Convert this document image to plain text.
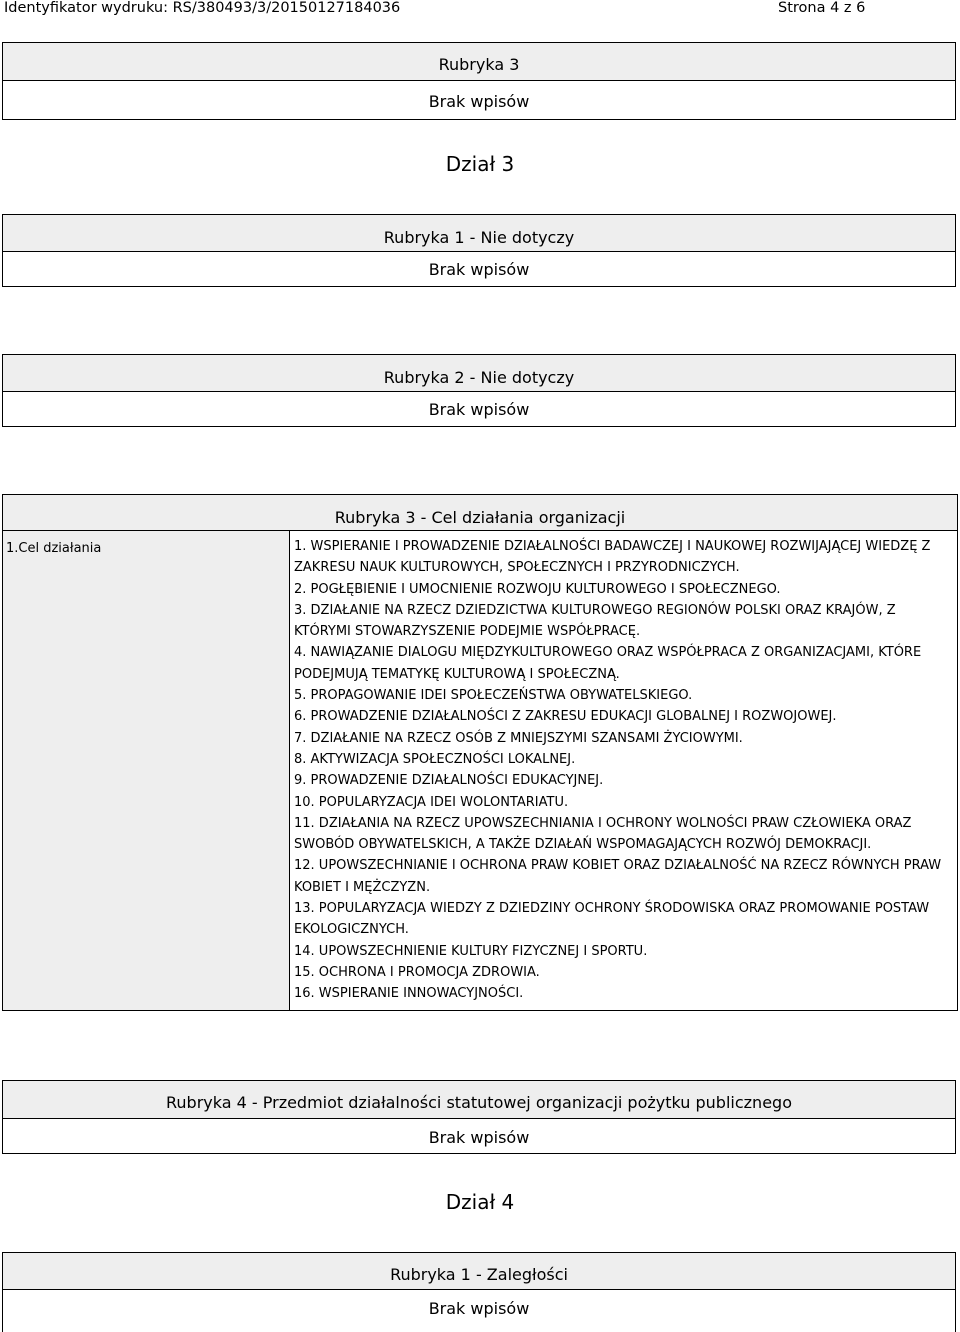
Identyfikator wydruku: RS/380493/3/20150127184036	Strona 4 z 6
Rubryka 3
Brak wpisów
Dział 3
Rubryka 1 - Nie dotyczy
Brak wpisów
Rubryka 2 - Nie dotyczy
Brak wpisów
Rubryka 3 - Cel działania organizacji
1.Cel działania	1. WSPIERANIE I PROWADZENIE DZIAŁALNOŚCI BADAWCZEJ I NAUKOWEJ ROZWIJAJĄCEJ WIEDZĘ Z ZAKRESU NAUK KULTUROWYCH, SPOŁECZNYCH I PRZYRODNICZYCH.
2. POGŁĘBIENIE I UMOCNIENIE ROZWOJU KULTUROWEGO I SPOŁECZNEGO.
3. DZIAŁANIE NA RZECZ DZIEDZICTWA KULTUROWEGO REGIONÓW POLSKI ORAZ KRAJÓW, Z KTÓRYMI STOWARZYSZENIE PODEJMIE WSPÓŁPRACĘ.
4. NAWIĄZANIE DIALOGU MIĘDZYKULTUROWEGO ORAZ WSPÓŁPRACA Z ORGANIZACJAMI, KTÓRE PODEJMUJĄ TEMATYKĘ KULTUROWĄ I SPOŁECZNĄ.
5. PROPAGOWANIE IDEI SPOŁECZEŃSTWA OBYWATELSKIEGO.
6. PROWADZENIE DZIAŁALNOŚCI Z ZAKRESU EDUKACJI GLOBALNEJ I ROZWOJOWEJ.
7. DZIAŁANIE NA RZECZ OSÓB Z MNIEJSZYMI SZANSAMI ŻYCIOWYMI.
8. AKTYWIZACJA SPOŁECZNOŚCI LOKALNEJ.
9. PROWADZENIE DZIAŁALNOŚCI EDUKACYJNEJ.
10. POPULARYZACJA IDEI WOLONTARIATU.
11. DZIAŁANIA NA RZECZ UPOWSZECHNIANIA I OCHRONY WOLNOŚCI PRAW CZŁOWIEKA ORAZ SWOBÓD OBYWATELSKICH, A TAKŻE DZIAŁAŃ WSPOMAGAJĄCYCH ROZWÓJ DEMOKRACJI.
12. UPOWSZECHNIANIE I OCHRONA PRAW KOBIET ORAZ DZIAŁALNOŚĆ NA RZECZ RÓWNYCH PRAW KOBIET I MĘŻCZYZN.
13. POPULARYZACJA WIEDZY Z DZIEDZINY OCHRONY ŚRODOWISKA ORAZ PROMOWANIE POSTAW EKOLOGICZNYCH.
14. UPOWSZECHNIENIE KULTURY FIZYCZNEJ I SPORTU.
15. OCHRONA I PROMOCJA ZDROWIA.
16. WSPIERANIE INNOWACYJNOŚCI.
Rubryka 4 - Przedmiot działalności statutowej organizacji pożytku publicznego
Brak wpisów
Dział 4
Rubryka 1 - Zaległości
Brak wpisów
